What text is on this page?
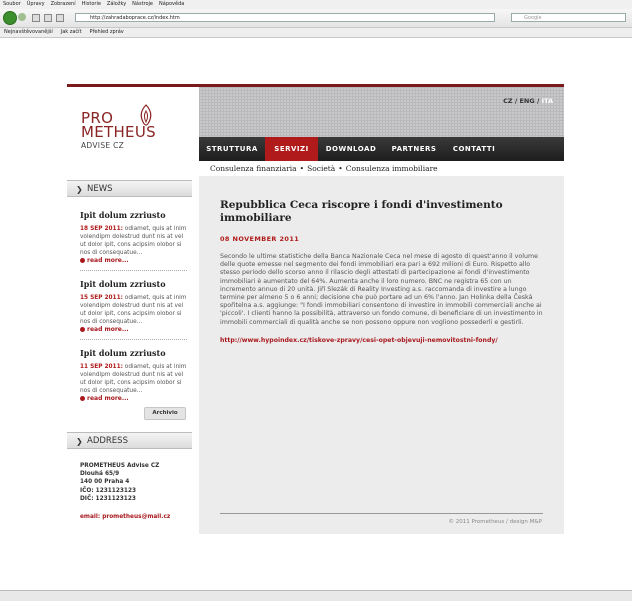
Soubor Úpravy Zobrazení Historie Záložky Nástroje Nápověda
http://zahradaboprace.cz/index.htm	Google
Nejnavštěvovanější Jak začít Přehled zpráv
PRO
METHEUS
ADVISE CZ
❯ NEWS
Ipit dolum zzriusto
18 SEP 2011: odiamet, quis at inim volendipm dolestrud dunt nis at vel ut dolor ipit, cons acipsim olobor si nos di consequatue...
read more...
Ipit dolum zzriusto
15 SEP 2011: odiamet, quis at inim volendipm dolestrud dunt nis at vel ut dolor ipit, cons acipsim olobor si nos di consequatue...
read more...
Ipit dolum zzriusto
11 SEP 2011: odiamet, quis at inim volendipm dolestrud dunt nis at vel ut dolor ipit, cons acipsim olobor si nos di consequatue...
read more...
Archivio
❯ ADDRESS
PROMETHEUS Advise CZ
Dlouhá 65/9
140 00 Praha 4
IČO: 1231123123
DIČ: 1231123123
email: prometheus@mail.cz
CZ / ENG / ITA
STRUTTURA	SERVIZI	DOWNLOAD	PARTNERS	CONTATTI
Consulenza finanziaria • Società • Consulenza immobiliare
Repubblica Ceca riscopre i fondi d'investimento immobiliare
08 NOVEMBER 2011
Secondo le ultime statistiche della Banca Nazionale Ceca nel mese di agosto di quest'anno il volume delle quote emesse nel segmento dei fondi immobiliari era pari a 692 milioni di Euro. Rispetto allo stesso periodo dello scorso anno il rilascio degli attestati di partecipazione ai fondi d'investimento immobiliari è aumentato del 64%. Aumenta anche il loro numero. BNC ne registra 65 con un incremento annuo di 20 unità. Jiří Slezák di Reality Investing a.s. raccomanda di investire a lungo termine per almeno 5 o 6 anni; decisione che può portare ad un 6% l'anno. Jan Holinka della Česká spořitelna a.s. aggiunge: "I fondi immobiliari consentono di investire in immobili commerciali anche ai 'piccoli'. I clienti hanno la possibilità, attraverso un fondo comune, di beneficiare di un investimento in immobili commerciali di qualità anche se non possono oppure non vogliono possederli e gestirli.
http://www.hypoindex.cz/tiskove-zpravy/cesi-opet-objevuji-nemovitostni-fondy/
© 2011 Prometheus / design M&P
